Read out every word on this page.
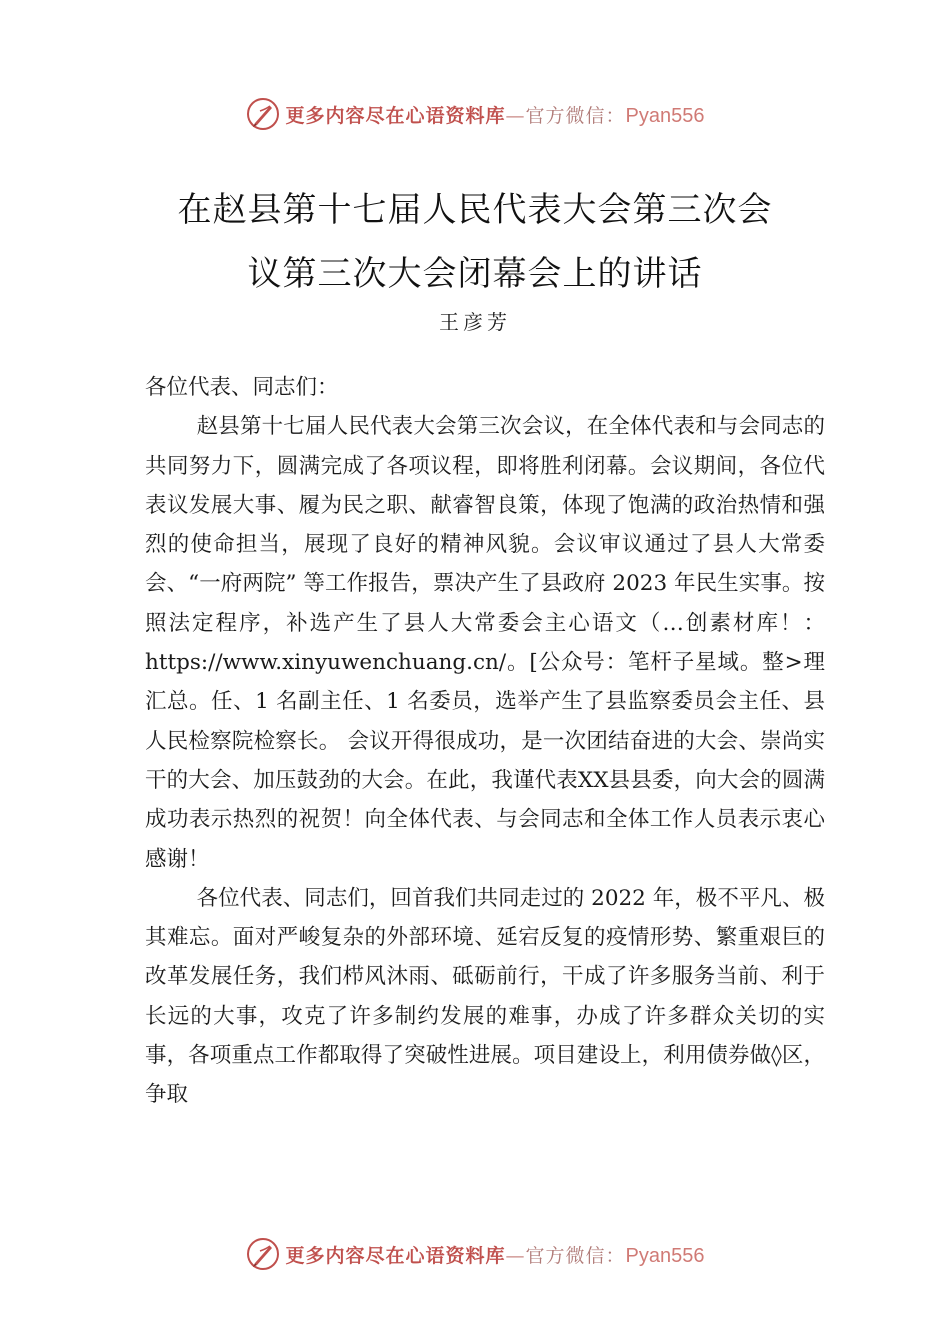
更多内容尽在心语资料库—官方微信：Pyan556
在赵县第十七届人民代表大会第三次会
议第三次大会闭幕会上的讲话
王彦芳

各位代表、同志们：

赵县第十七届人民代表大会第三次会议，在全体代表和与会同志的共同努力下，圆满完成了各项议程，即将胜利闭幕。会议期间，各位代表议发展大事、履为民之职、献睿智良策，体现了饱满的政治热情和强烈的使命担当，展现了良好的精神风貌。会议审议通过了县人大常委会、“一府两院” 等工作报告，票决产生了县政府 2023 年民生实事。按照法定程序，补选产生了县人大常委会主心语文（…创素材库！：https://www.xinyuwenchuang.cn/。[公众号：笔杆子星域。整>理汇总。任、1 名副主任、1 名委员，选举产生了县监察委员会主任、县人民检察院检察长。 会议开得很成功，是一次团结奋进的大会、崇尚实干的大会、加压鼓劲的大会。在此，我谨代表XX县县委，向大会的圆满成功表示热烈的祝贺！向全体代表、与会同志和全体工作人员表示衷心感谢！

各位代表、同志们，回首我们共同走过的 2022 年，极不平凡、极其难忘。面对严峻复杂的外部环境、延宕反复的疫情形势、繁重艰巨的改革发展任务，我们栉风沐雨、砥砺前行，干成了许多服务当前、利于长远的大事，攻克了许多制约发展的难事，办成了许多群众关切的实事，各项重点工作都取得了突破性进展。项目建设上，利用债券做◊区，争取

更多内容尽在心语资料库—官方微信：Pyan556
